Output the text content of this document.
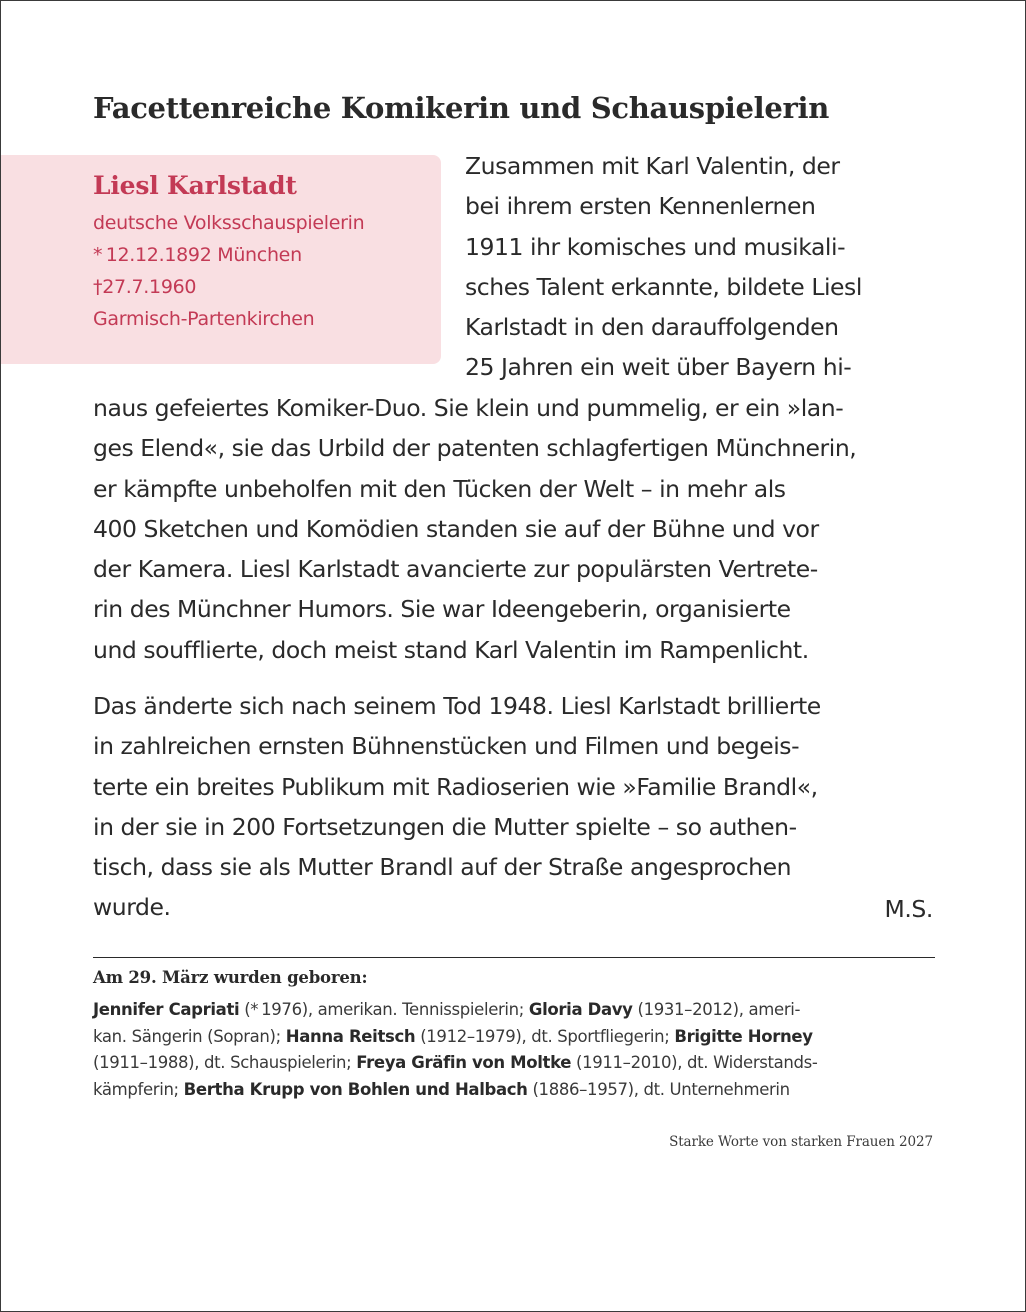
Facettenreiche Komikerin und Schauspielerin

Liesl Karlstadt

deutsche Volksschauspielerin

* 12.12.1892 München

†27.7.1960

Garmisch-Partenkirchen

Zusammen mit Karl Valentin, der
bei ihrem ersten Kennenlernen
1911 ihr komisches und musikali-
sches Talent erkannte, bildete Liesl
Karlstadt in den darauffolgenden
25 Jahren ein weit über Bayern hi-
naus gefeiertes Komiker-Duo. Sie klein und pummelig, er ein »lan-
ges Elend«, sie das Urbild der patenten schlagfertigen Münchnerin,
er kämpfte unbeholfen mit den Tücken der Welt – in mehr als
400 Sketchen und Komödien standen sie auf der Bühne und vor
der Kamera. Liesl Karlstadt avancierte zur populärsten Vertrete-
rin des Münchner Humors. Sie war Ideengeberin, organisierte
und soufflierte, doch meist stand Karl Valentin im Rampenlicht.
Das änderte sich nach seinem Tod 1948. Liesl Karlstadt brillierte
in zahlreichen ernsten Bühnenstücken und Filmen und begeis-
terte ein breites Publikum mit Radioserien wie »Familie Brandl«,
in der sie in 200 Fortsetzungen die Mutter spielte – so authen-
tisch, dass sie als Mutter Brandl auf der Straße angesprochen
wurde.	M.S.
Am 29. März wurden geboren:
Jennifer Capriati (* 1976), amerikan. Tennisspielerin; Gloria Davy (1931–2012), ameri-
kan. Sängerin (Sopran); Hanna Reitsch (1912–1979), dt. Sportfliegerin; Brigitte Horney
(1911–1988), dt. Schauspielerin; Freya Gräfin von Moltke (1911–2010), dt. Widerstands-
kämpferin; Bertha Krupp von Bohlen und Halbach (1886–1957), dt. Unternehmerin
Starke Worte von starken Frauen 2027
